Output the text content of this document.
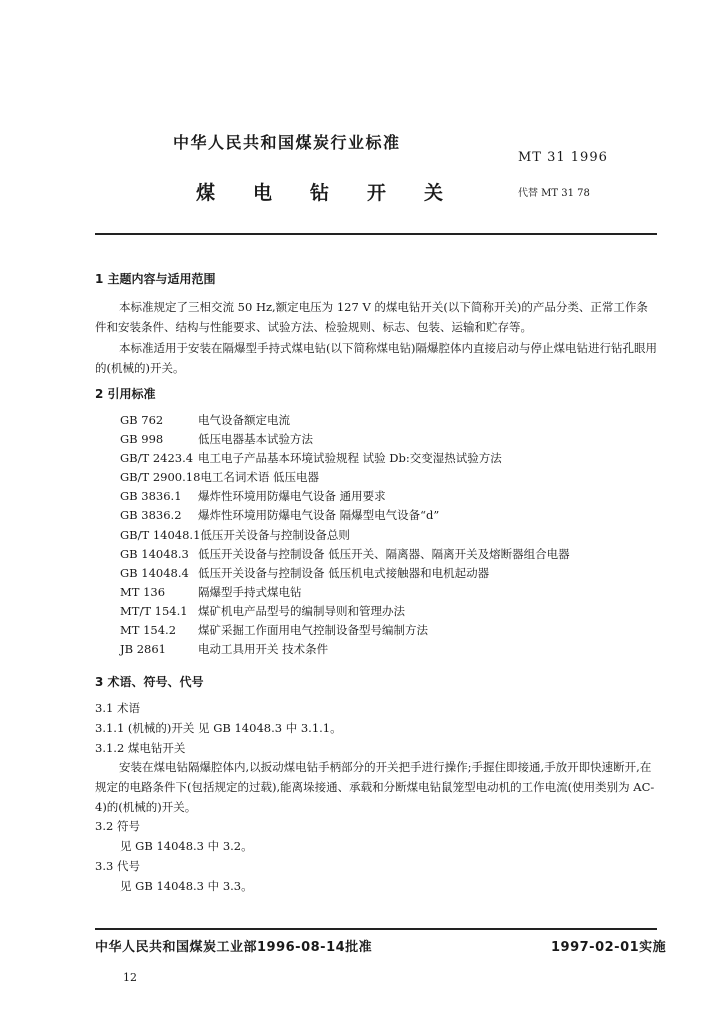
中华人民共和国煤炭行业标准
MT 31 1996
煤电钻开关	代替 MT 31 78
1 主题内容与适用范围
本标准规定了三相交流 50 Hz,额定电压为 127 V 的煤电钻开关(以下简称开关)的产品分类、正常工作条件和安装条件、结构与性能要求、试验方法、检验规则、标志、包装、运输和贮存等。
本标准适用于安装在隔爆型手持式煤电钻(以下简称煤电钻)隔爆腔体内直接启动与停止煤电钻进行钻孔眼用的(机械的)开关。
2 引用标准
GB 762	电气设备额定电流
GB 998	低压电器基本试验方法
GB/T 2423.4 电工电子产品基本环境试验规程 试验 Db:交变湿热试验方法
GB/T 2900.18电工名词术语 低压电器
GB 3836.1 爆炸性环境用防爆电气设备 通用要求
GB 3836.2 爆炸性环境用防爆电气设备 隔爆型电气设备“d”
GB/T 14048.1低压开关设备与控制设备总则
GB 14048.3 低压开关设备与控制设备 低压开关、隔离器、隔离开关及熔断器组合电器
GB 14048.4 低压开关设备与控制设备 低压机电式接触器和电机起动器
MT 136	隔爆型手持式煤电钻
MT/T 154.1 煤矿机电产品型号的编制导则和管理办法
MT 154.2 煤矿采掘工作面用电气控制设备型号编制方法
JB 2861	电动工具用开关 技术条件
3 术语、符号、代号
3.1 术语
3.1.1 (机械的)开关 见 GB 14048.3 中 3.1.1。
3.1.2 煤电钻开关
安装在煤电钻隔爆腔体内,以扳动煤电钻手柄部分的开关把手进行操作;手握住即接通,手放开即快速断开,在规定的电路条件下(包括规定的过载),能离垛接通、承载和分断煤电钻鼠笼型电动机的工作电流(使用类别为 AC-4)的(机械的)开关。
3.2 符号
见 GB 14048.3 中 3.2。
3.3 代号
见 GB 14048.3 中 3.3。
中华人民共和国煤炭工业部1996-08-14批准	1997-02-01实施
12
